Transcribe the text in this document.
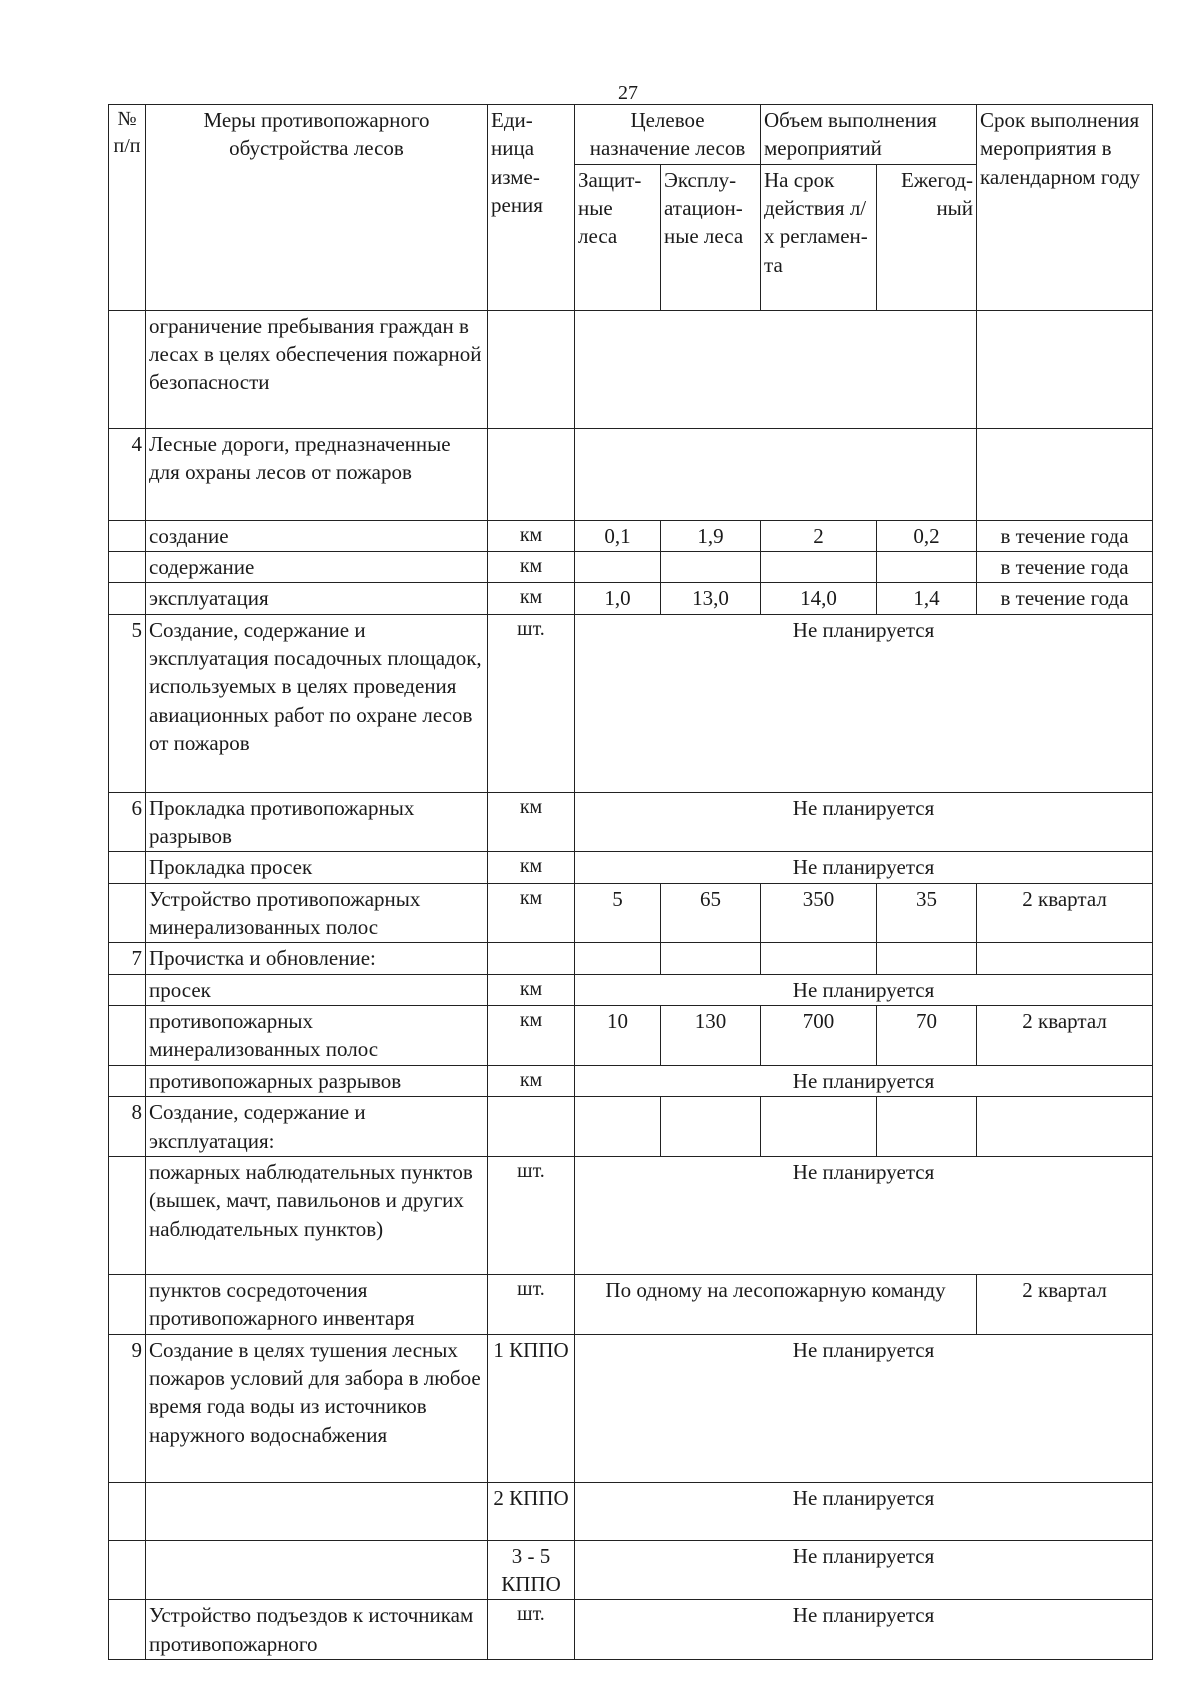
27
№ п/п	Меры противопожарного обустройства лесов	Еди-ница изме-рения	Целевое назначение лесов		Объем выполнения мероприятий		Срок выполнения мероприятия в календарном году
			Защит-ные леса	Эксплу-атацион-ные леса	На срок действия л/х регламен-та	Ежегод-ный	
	ограничение пребывания граждан в лесах в целях обеспечения пожарной безопасности						
4	Лесные дороги, предназначенные для охраны лесов от пожаров						
	создание	км	0,1	1,9	2	0,2	в течение года
	содержание	км					в течение года
	эксплуатация	км	1,0	13,0	14,0	1,4	в течение года
5	Создание, содержание и эксплуатация посадочных площадок, используемых в целях проведения авиационных работ по охране лесов от пожаров	шт.	Не планируется				
6	Прокладка противопожарных разрывов	км	Не планируется				
	Прокладка просек	км	Не планируется				
	Устройство противопожарных минерализованных полос	км	5	65	350	35	2 квартал
7	Прочистка и обновление:						
	просек	км	Не планируется				
	противопожарных минерализованных полос	км	10	130	700	70	2 квартал
	противопожарных разрывов	км	Не планируется				
8	Создание, содержание и эксплуатация:						
	пожарных наблюдательных пунктов (вышек, мачт, павильонов и других наблюдательных пунктов)	шт.	Не планируется				
	пунктов сосредоточения противопожарного инвентаря	шт.	По одному на лесопожарную команду				2 квартал
9	Создание в целях тушения лесных пожаров условий для забора в любое время года воды из источников наружного водоснабжения	1 КППО	Не планируется				
		2 КППО	Не планируется				
		3 - 5 КППО	Не планируется				
	Устройство подъездов к источникам противопожарного	шт.	Не планируется				
